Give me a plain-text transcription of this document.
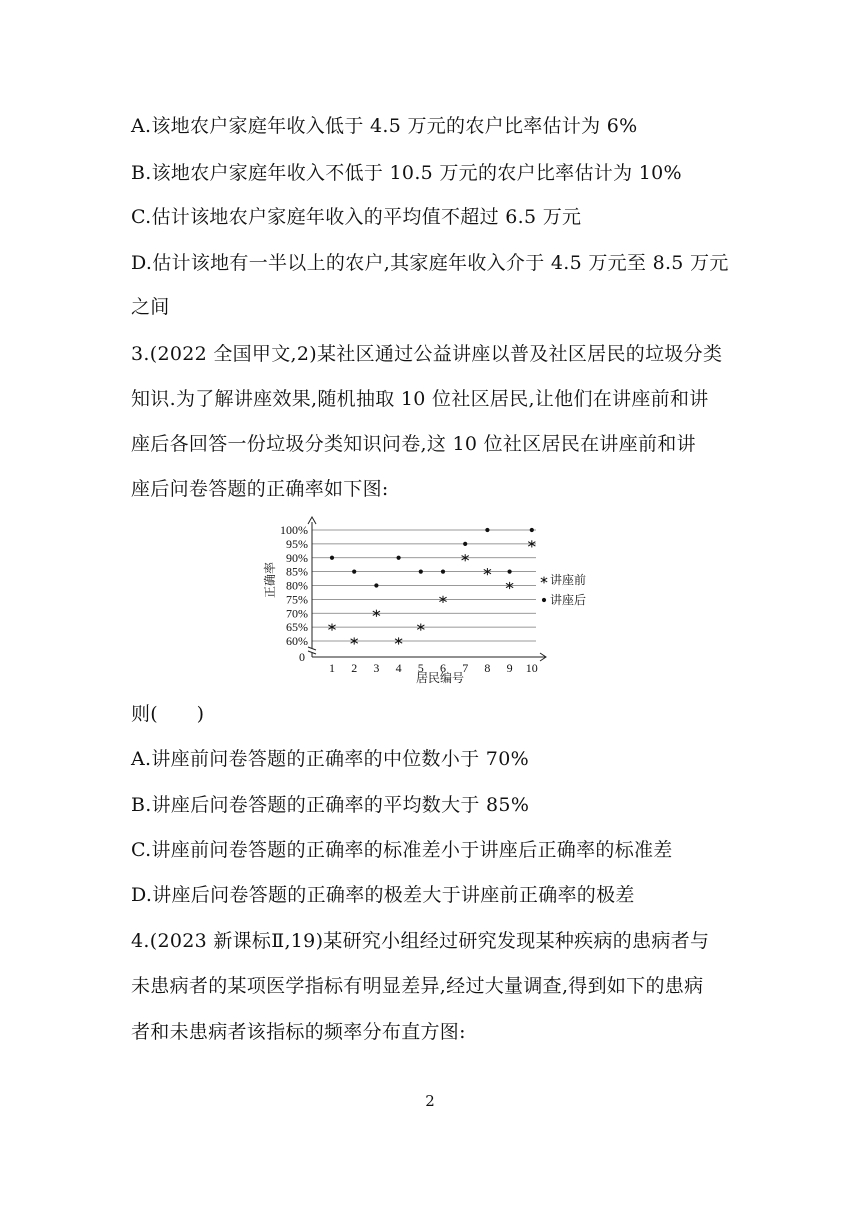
A.该地农户家庭年收入低于 4.5 万元的农户比率估计为 6%
B.该地农户家庭年收入不低于 10.5 万元的农户比率估计为 10%
C.估计该地农户家庭年收入的平均值不超过 6.5 万元
D.估计该地有一半以上的农户,其家庭年收入介于 4.5 万元至 8.5 万元
之间
3.(2022 全国甲文,2)某社区通过公益讲座以普及社区居民的垃圾分类
知识.为了解讲座效果,随机抽取 10 位社区居民,让他们在讲座前和讲
座后各回答一份垃圾分类知识问卷,这 10 位社区居民在讲座前和讲
座后问卷答题的正确率如下图:
60%
65%
70%
75%
80%
85%
90%
95%
100%
0
1 2 3 4 5 6 7 8 9 10
居民编号
正确率	讲座前
讲座后
则(　　)
A.讲座前问卷答题的正确率的中位数小于 70%
B.讲座后问卷答题的正确率的平均数大于 85%
C.讲座前问卷答题的正确率的标准差小于讲座后正确率的标准差
D.讲座后问卷答题的正确率的极差大于讲座前正确率的极差
4.(2023 新课标Ⅱ,19)某研究小组经过研究发现某种疾病的患病者与
未患病者的某项医学指标有明显差异,经过大量调查,得到如下的患病
者和未患病者该指标的频率分布直方图:
2
